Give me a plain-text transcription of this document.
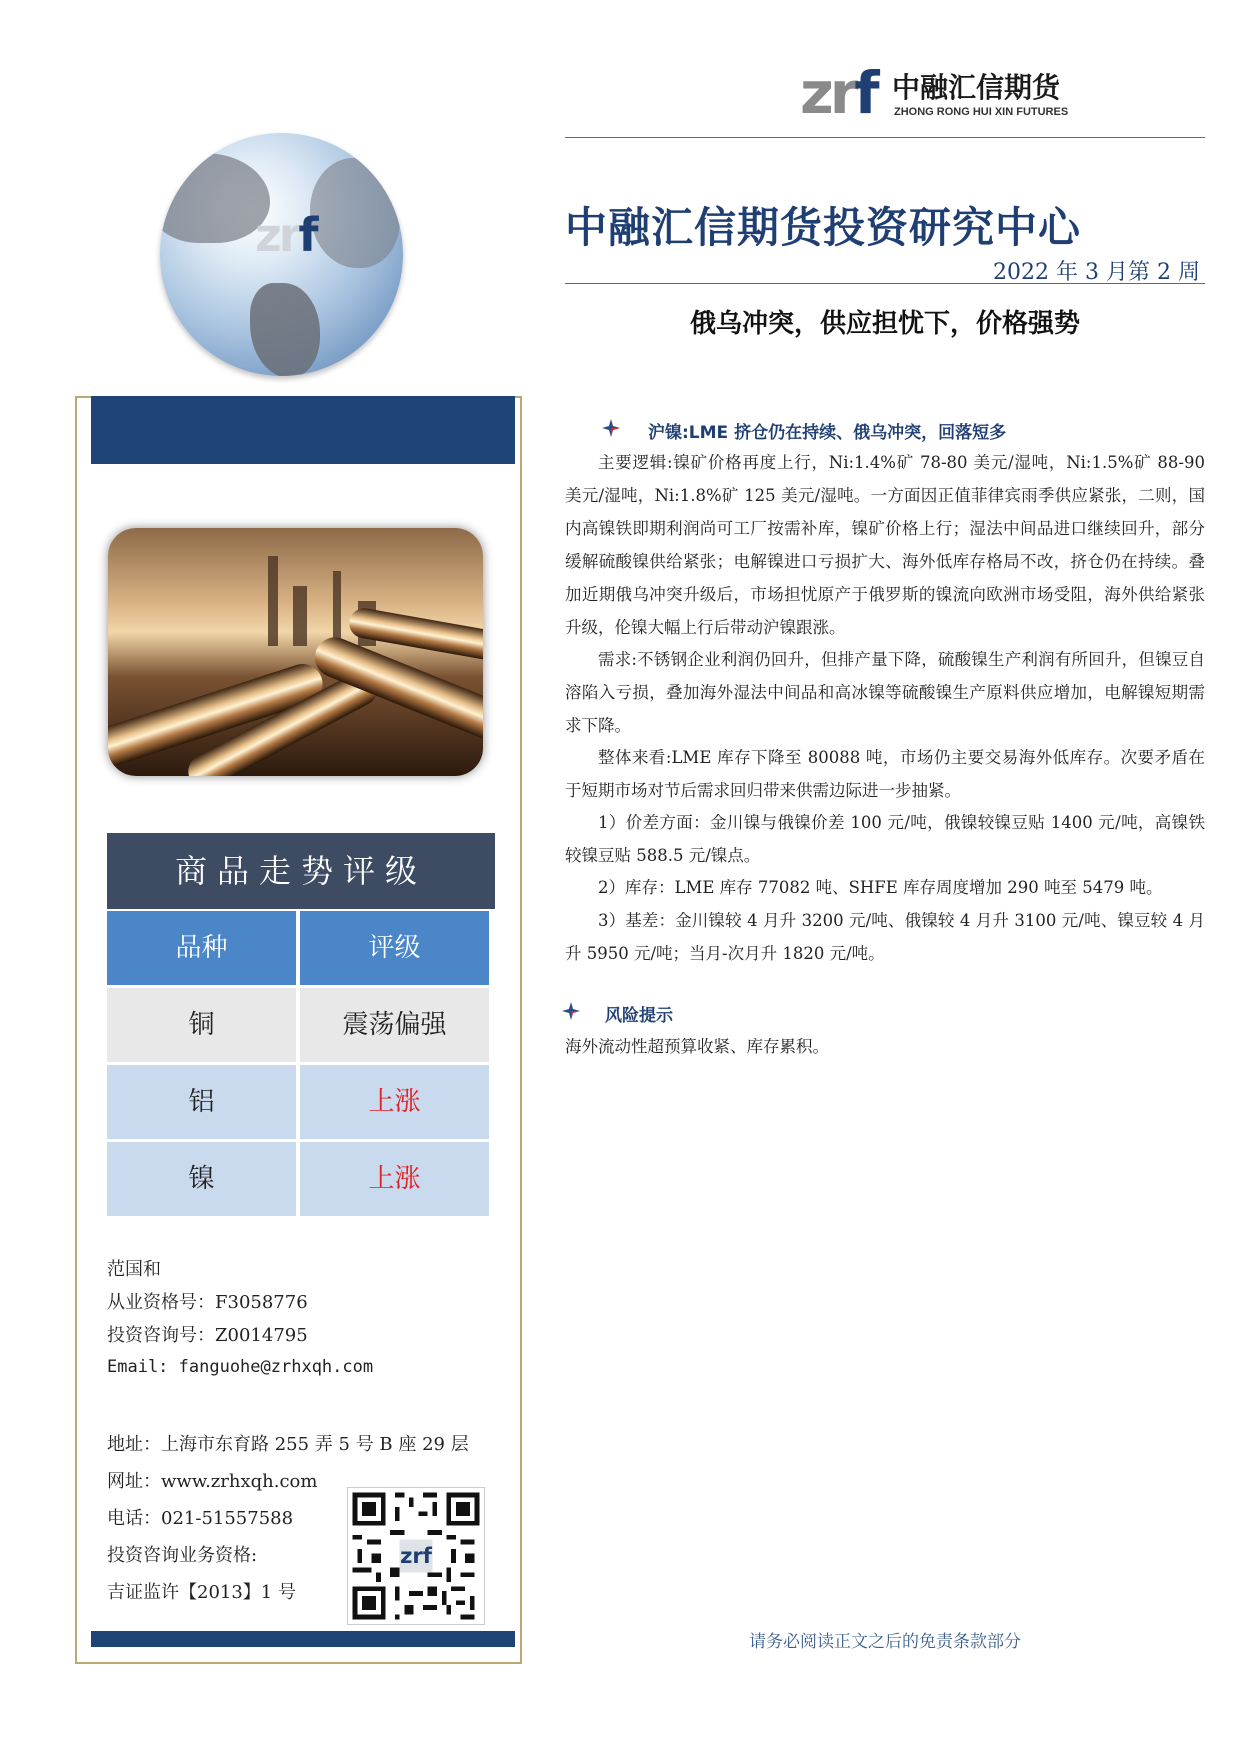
zrf 中融汇信期货
ZHONG RONG HUI XIN FUTURES
中融汇信期货投资研究中心
2022 年 3 月第 2 周
俄乌冲突，供应担忧下，价格强势
zrf
商品走势评级
品种	评级
铜	震荡偏强
铝	上涨
镍	上涨
范国和
从业资格号：F3058776
投资咨询号：Z0014795
Email: fanguohe@zrhxqh.com
地址：上海市东育路 255 弄 5 号 B 座 29 层
网址：www.zrhxqh.com
电话：021-51557588
投资咨询业务资格:
吉证监许【2013】1 号
zrf
沪镍:LME 挤仓仍在持续、俄乌冲突，回落短多
主要逻辑:镍矿价格再度上行，Ni:1.4%矿 78-80 美元/湿吨，Ni:1.5%矿 88-90 美元/湿吨，Ni:1.8%矿 125 美元/湿吨。一方面因正值菲律宾雨季供应紧张，二则，国内高镍铁即期利润尚可工厂按需补库，镍矿价格上行；湿法中间品进口继续回升，部分缓解硫酸镍供给紧张；电解镍进口亏损扩大、海外低库存格局不改，挤仓仍在持续。叠加近期俄乌冲突升级后，市场担忧原产于俄罗斯的镍流向欧洲市场受阻，海外供给紧张升级，伦镍大幅上行后带动沪镍跟涨。
需求:不锈钢企业利润仍回升，但排产量下降，硫酸镍生产利润有所回升，但镍豆自溶陷入亏损，叠加海外湿法中间品和高冰镍等硫酸镍生产原料供应增加，电解镍短期需求下降。
整体来看:LME 库存下降至 80088 吨，市场仍主要交易海外低库存。次要矛盾在于短期市场对节后需求回归带来供需边际进一步抽紧。
1）价差方面：金川镍与俄镍价差 100 元/吨，俄镍较镍豆贴 1400 元/吨，高镍铁较镍豆贴 588.5 元/镍点。
2）库存：LME 库存 77082 吨、SHFE 库存周度增加 290 吨至 5479 吨。
3）基差：金川镍较 4 月升 3200 元/吨、俄镍较 4 月升 3100 元/吨、镍豆较 4 月升 5950 元/吨；当月-次月升 1820 元/吨。
风险提示
海外流动性超预算收紧、库存累积。
请务必阅读正文之后的免责条款部分
